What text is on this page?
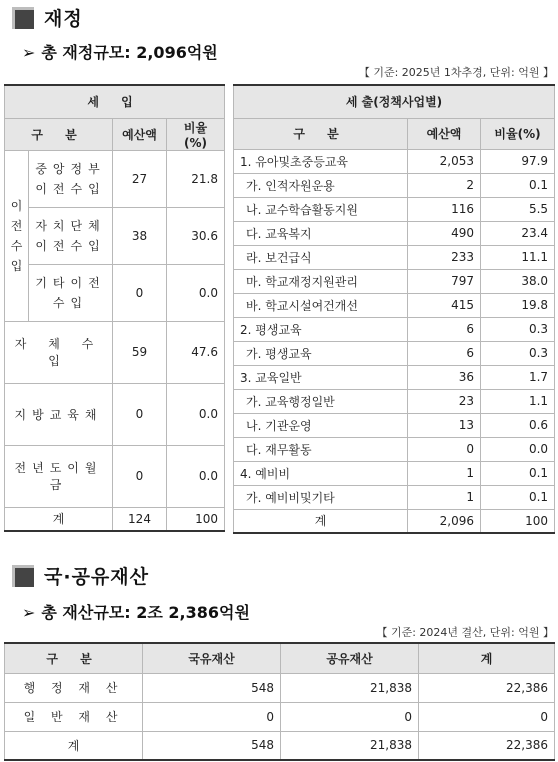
재정
➢ 총 재정규모: 2,096억원
【 기준: 2025년 1차추경, 단위: 억원 】
세 입			
구 분		예산액	비율(%)
이전수입	중앙정부이전수입	27	21.8
	자치단체이전수입	38	30.6
	기타이전수입	0	0.0
자 체 수 입		59	47.6
지방교육채		0	0.0
전년도이월금		0	0.0
계		124	100
세 출(정책사업별)		
구 분	예산액	비율(%)
1. 유아및초중등교육	2,053	97.9
가. 인적자원운용	2	0.1
나. 교수학습활동지원	116	5.5
다. 교육복지	490	23.4
라. 보건급식	233	11.1
마. 학교재정지원관리	797	38.0
바. 학교시설여건개선	415	19.8
2. 평생교육	6	0.3
가. 평생교육	6	0.3
3. 교육일반	36	1.7
가. 교육행정일반	23	1.1
나. 기관운영	13	0.6
다. 재무활동	0	0.0
4. 예비비	1	0.1
가. 예비비및기타	1	0.1
계	2,096	100
국·공유재산
➢ 총 재산규모: 2조 2,386억원
【 기준: 2024년 결산, 단위: 억원 】
구 분	국유재산	공유재산	계
행 정 재 산	548	21,838	22,386
일 반 재 산	0	0	0
계	548	21,838	22,386
